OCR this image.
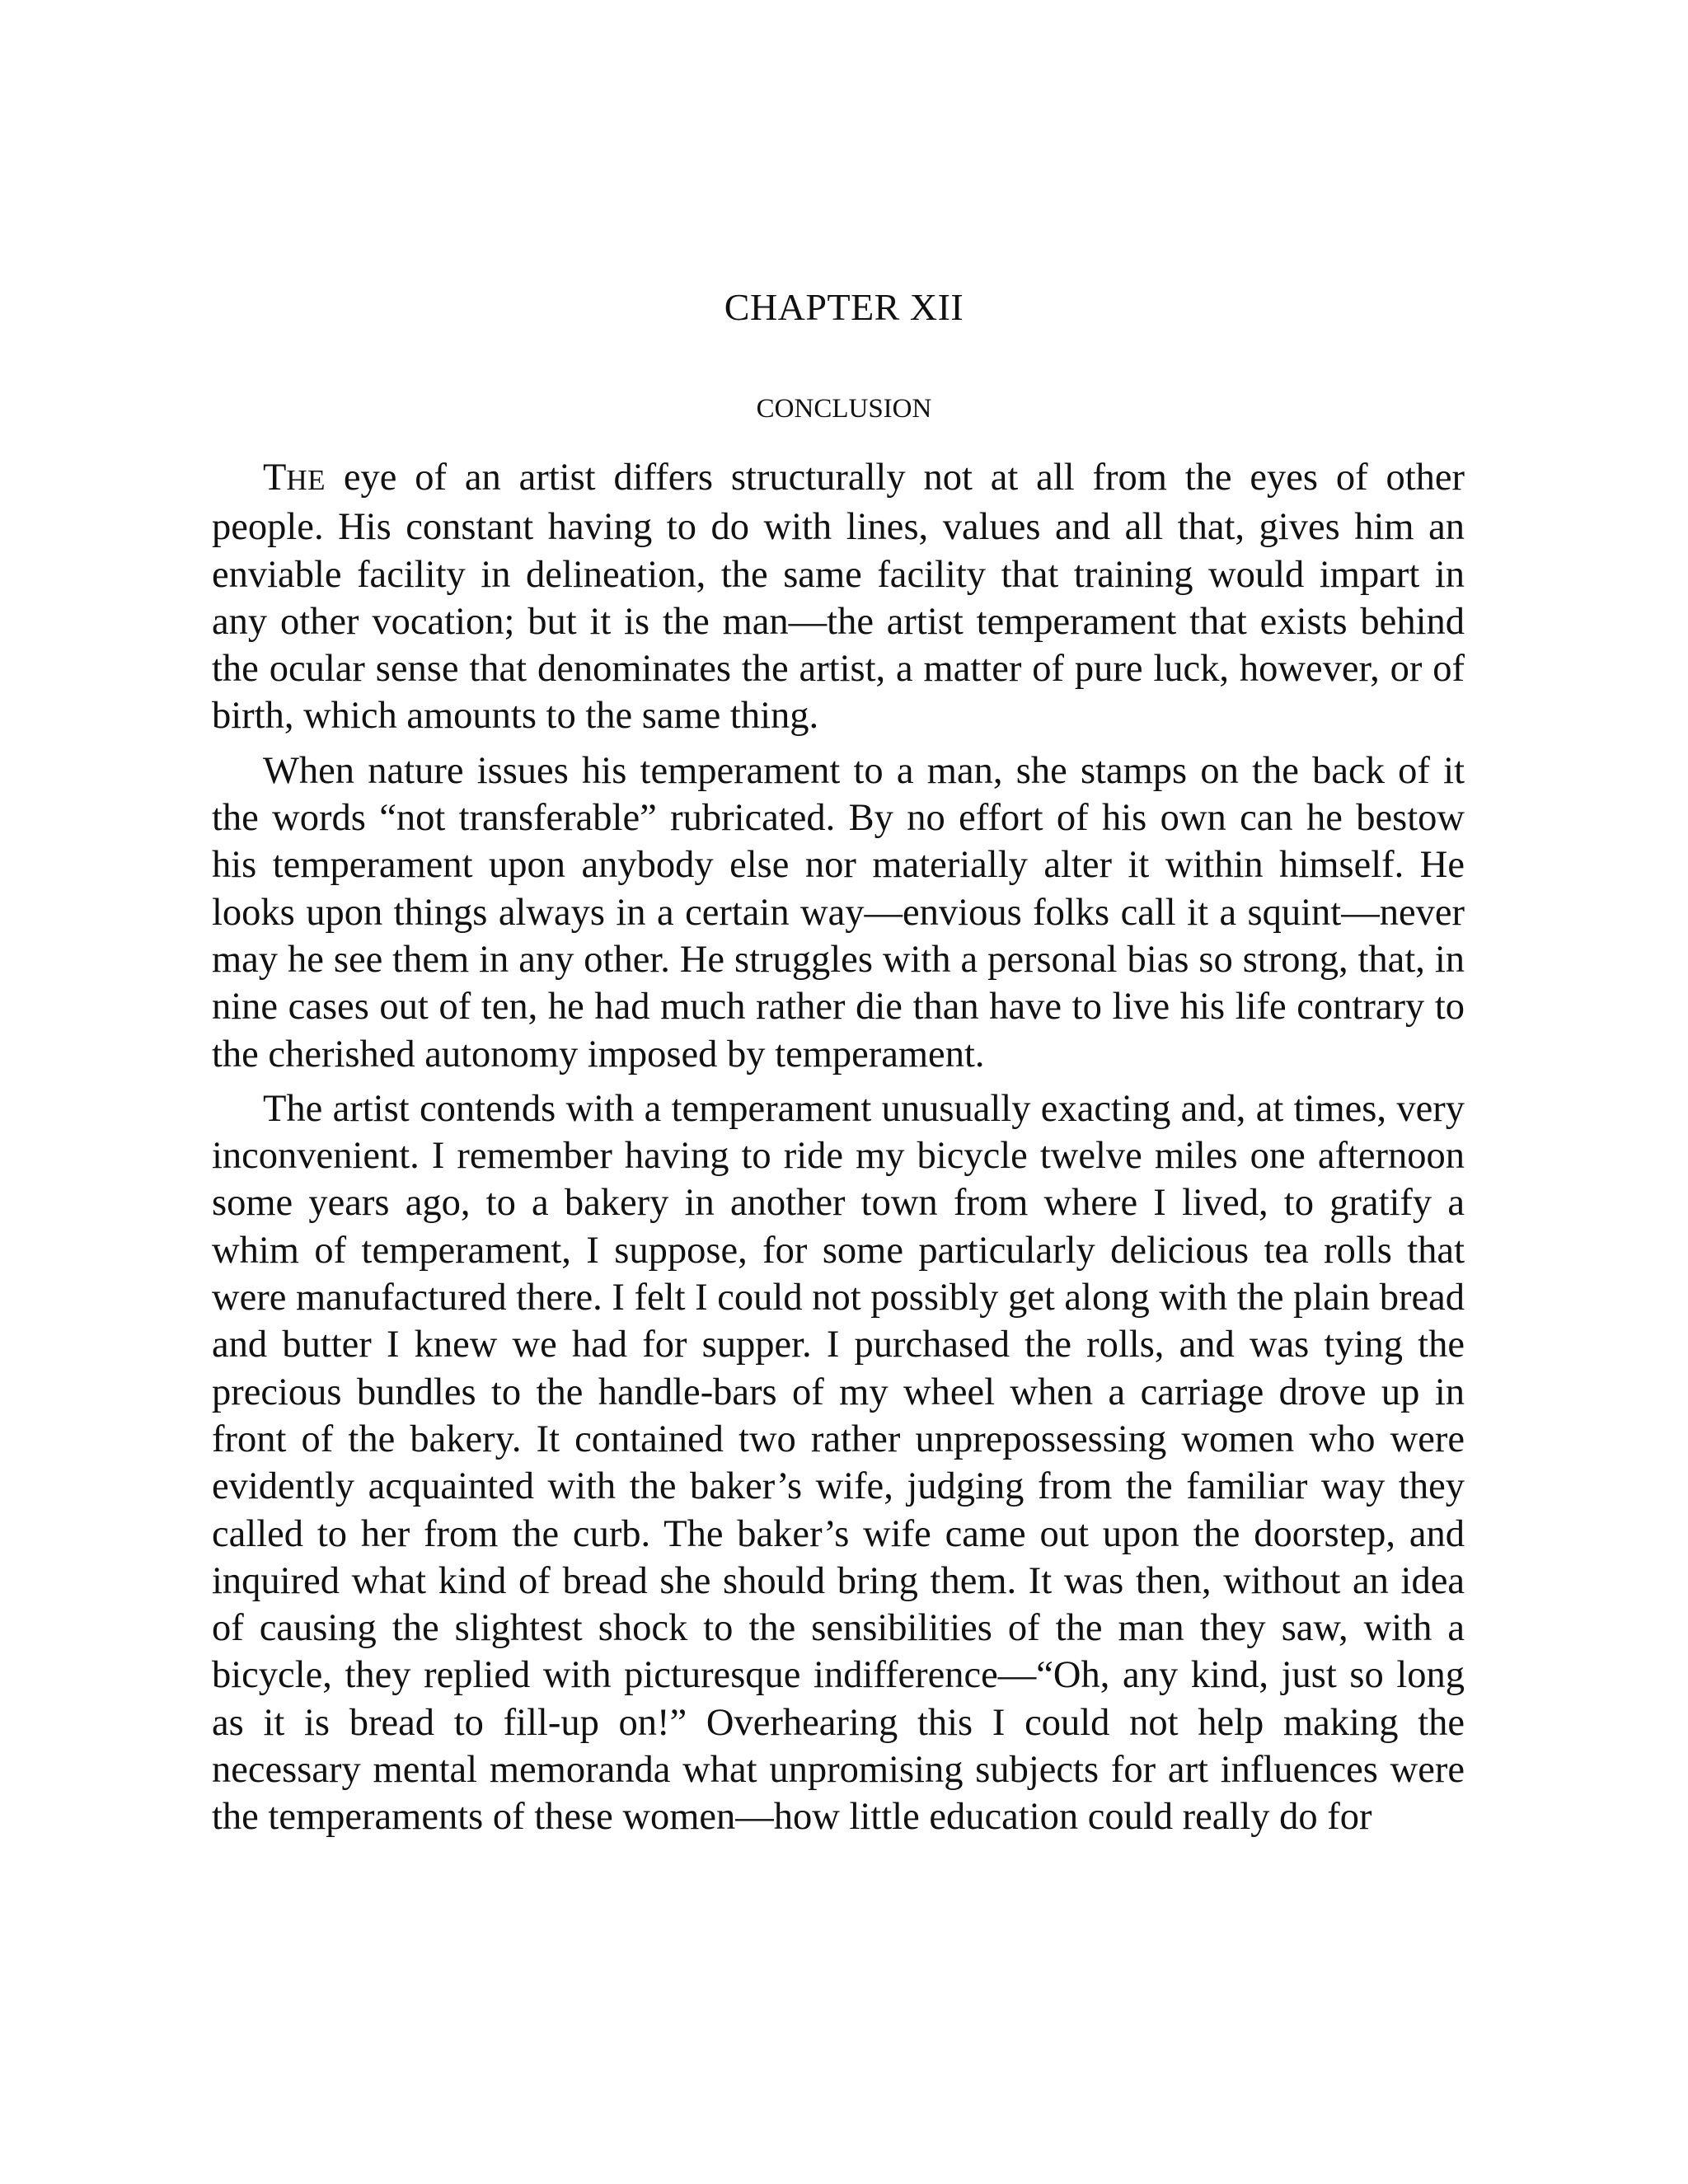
CHAPTER XII
CONCLUSION

THE eye of an artist differs structurally not at all from the eyes of other people. His constant having to do with lines, values and all that, gives him an enviable facility in delineation, the same facility that training would impart in any other vocation; but it is the man—the artist temperament that exists behind the ocular sense that denominates the artist, a matter of pure luck, however, or of birth, which amounts to the same thing.

When nature issues his temperament to a man, she stamps on the back of it the words “not transferable” rubricated. By no effort of his own can he bestow his temperament upon anybody else nor materially alter it within himself. He looks upon things always in a certain way—envious folks call it a squint—never may he see them in any other. He struggles with a personal bias so strong, that, in nine cases out of ten, he had much rather die than have to live his life contrary to the cherished autonomy imposed by temperament.

The artist contends with a temperament unusually exacting and, at times, very inconvenient. I remember having to ride my bicycle twelve miles one afternoon some years ago, to a bakery in another town from where I lived, to gratify a whim of temperament, I suppose, for some particularly delicious tea rolls that were manufactured there. I felt I could not possibly get along with the plain bread and butter I knew we had for supper. I purchased the rolls, and was tying the precious bundles to the handle-bars of my wheel when a carriage drove up in front of the bakery. It contained two rather unprepossessing women who were evidently acquainted with the baker’s wife, judging from the familiar way they called to her from the curb. The baker’s wife came out upon the doorstep, and inquired what kind of bread she should bring them. It was then, without an idea of causing the slightest shock to the sensibilities of the man they saw, with a bicycle, they replied with picturesque indifference—“Oh, any kind, just so long as it is bread to fill-up on!” Overhearing this I could not help making the necessary mental memoranda what unpromising subjects for art influences were the temperaments of these women—how little education could really do for
